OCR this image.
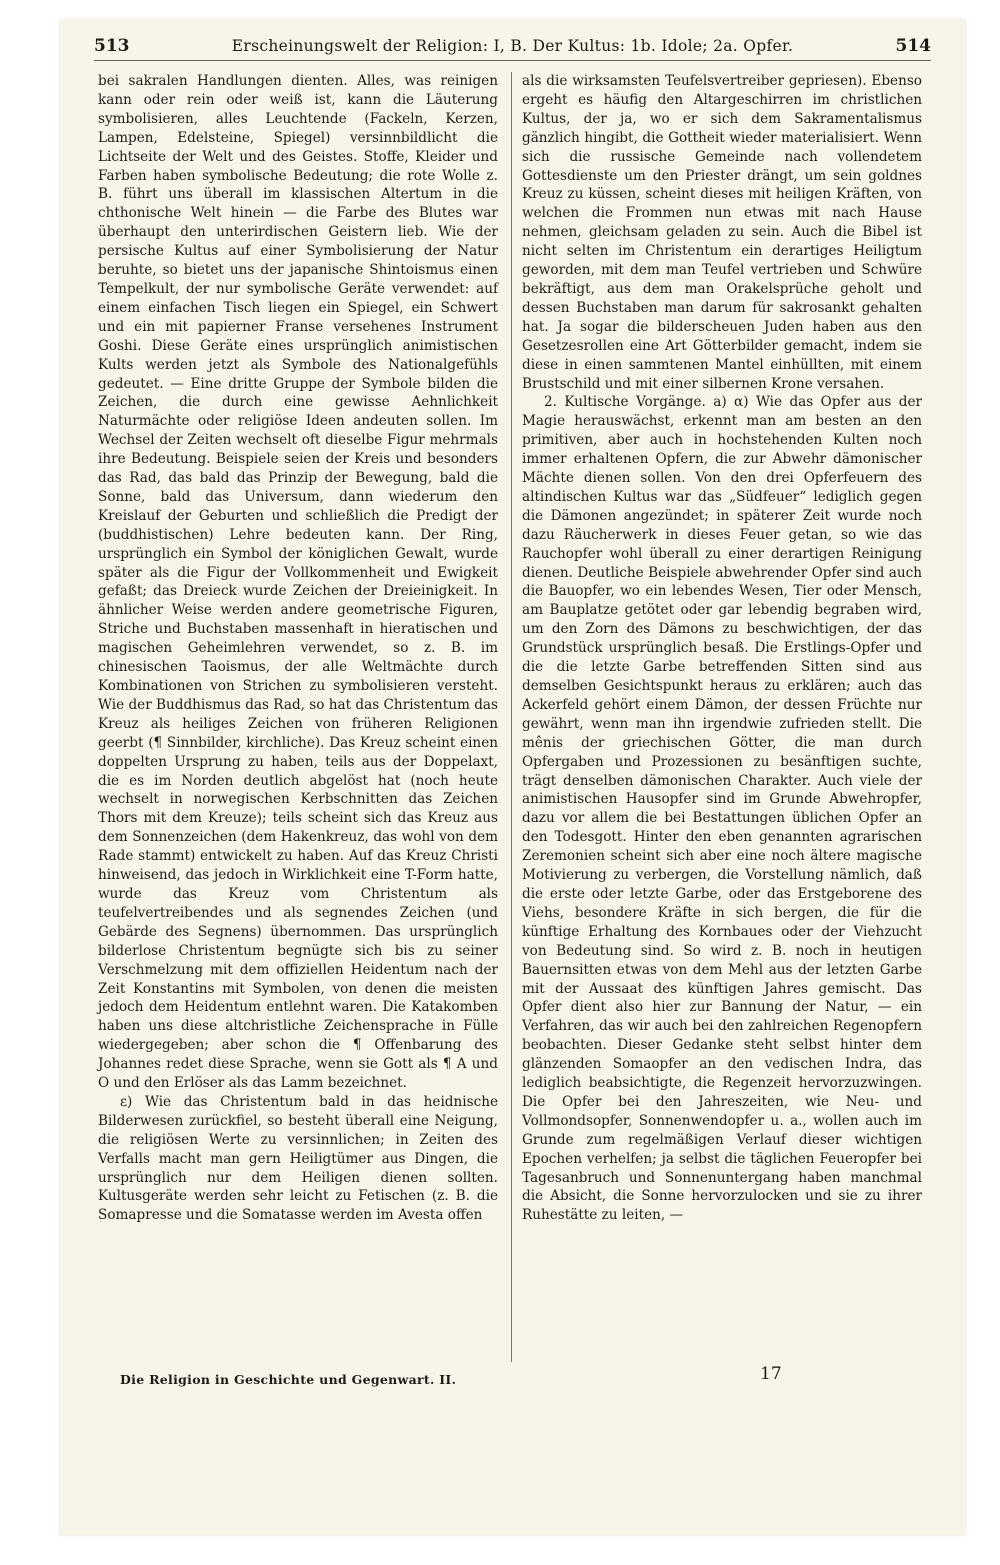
513	Erscheinungswelt der Religion: I, B. Der Kultus: 1b. Idole; 2a. Opfer.	514

bei sakralen Handlungen dienten. Alles, was reinigen kann oder rein oder weiß ist, kann die Läuterung symbolisieren, alles Leuchtende (Fackeln, Kerzen, Lampen, Edelsteine, Spiegel) versinnbildlicht die Lichtseite der Welt und des Geistes. Stoffe, Kleider und Farben haben symbolische Bedeutung; die rote Wolle z. B. führt uns überall im klassischen Altertum in die chthonische Welt hinein — die Farbe des Blutes war überhaupt den unterirdischen Geistern lieb. Wie der persische Kultus auf einer Symbolisierung der Natur beruhte, so bietet uns der japanische Shintoismus einen Tempelkult, der nur symbolische Geräte verwendet: auf einem einfachen Tisch liegen ein Spiegel, ein Schwert und ein mit papierner Franse versehenes Instrument Goshi. Diese Geräte eines ursprünglich animistischen Kults werden jetzt als Symbole des Nationalgefühls gedeutet. — Eine dritte Gruppe der Symbole bilden die Zeichen, die durch eine gewisse Aehnlichkeit Naturmächte oder religiöse Ideen andeuten sollen. Im Wechsel der Zeiten wechselt oft dieselbe Figur mehrmals ihre Bedeutung. Beispiele seien der Kreis und besonders das Rad, das bald das Prinzip der Bewegung, bald die Sonne, bald das Universum, dann wiederum den Kreislauf der Geburten und schließlich die Predigt der (buddhistischen) Lehre bedeuten kann. Der Ring, ursprünglich ein Symbol der königlichen Gewalt, wurde später als die Figur der Vollkommenheit und Ewigkeit gefaßt; das Dreieck wurde Zeichen der Dreieinigkeit. In ähnlicher Weise werden andere geometrische Figuren, Striche und Buchstaben massenhaft in hieratischen und magischen Geheimlehren verwendet, so z. B. im chinesischen Taoismus, der alle Weltmächte durch Kombinationen von Strichen zu symbolisieren versteht. Wie der Buddhismus das Rad, so hat das Christentum das Kreuz als heiliges Zeichen von früheren Religionen geerbt (¶ Sinnbilder, kirchliche). Das Kreuz scheint einen doppelten Ursprung zu haben, teils aus der Doppelaxt, die es im Norden deutlich abgelöst hat (noch heute wechselt in norwegischen Kerbschnitten das Zeichen Thors mit dem Kreuze); teils scheint sich das Kreuz aus dem Sonnenzeichen (dem Hakenkreuz, das wohl von dem Rade stammt) entwickelt zu haben. Auf das Kreuz Christi hinweisend, das jedoch in Wirklichkeit eine T-Form hatte, wurde das Kreuz vom Christentum als teufelvertreibendes und als segnendes Zeichen (und Gebärde des Segnens) übernommen. Das ursprünglich bilderlose Christentum begnügte sich bis zu seiner Verschmelzung mit dem offiziellen Heidentum nach der Zeit Konstantins mit Symbolen, von denen die meisten jedoch dem Heidentum entlehnt waren. Die Katakomben haben uns diese altchristliche Zeichensprache in Fülle wiedergegeben; aber schon die ¶ Offenbarung des Johannes redet diese Sprache, wenn sie Gott als ¶ A und O und den Erlöser als das Lamm bezeichnet.

ε) Wie das Christentum bald in das heidnische Bilderwesen zurückfiel, so besteht überall eine Neigung, die religiösen Werte zu versinnlichen; in Zeiten des Verfalls macht man gern Heiligtümer aus Dingen, die ursprünglich nur dem Heiligen dienen sollten. Kultusgeräte werden sehr leicht zu Fetischen (z. B. die Somapresse und die Somatasse werden im Avesta offen

als die wirksamsten Teufelsvertreiber gepriesen). Ebenso ergeht es häufig den Altargeschirren im christlichen Kultus, der ja, wo er sich dem Sakramentalismus gänzlich hingibt, die Gottheit wieder materialisiert. Wenn sich die russische Gemeinde nach vollendetem Gottesdienste um den Priester drängt, um sein goldnes Kreuz zu küssen, scheint dieses mit heiligen Kräften, von welchen die Frommen nun etwas mit nach Hause nehmen, gleichsam geladen zu sein. Auch die Bibel ist nicht selten im Christentum ein derartiges Heiligtum geworden, mit dem man Teufel vertrieben und Schwüre bekräftigt, aus dem man Orakelsprüche geholt und dessen Buchstaben man darum für sakrosankt gehalten hat. Ja sogar die bilderscheuen Juden haben aus den Gesetzesrollen eine Art Götterbilder gemacht, indem sie diese in einen sammtenen Mantel einhüllten, mit einem Brustschild und mit einer silbernen Krone versahen.

2. Kultische Vorgänge. a) α) Wie das Opfer aus der Magie herauswächst, erkennt man am besten an den primitiven, aber auch in hochstehenden Kulten noch immer erhaltenen Opfern, die zur Abwehr dämonischer Mächte dienen sollen. Von den drei Opferfeuern des altindischen Kultus war das „Südfeuer“ lediglich gegen die Dämonen angezündet; in späterer Zeit wurde noch dazu Räucherwerk in dieses Feuer getan, so wie das Rauchopfer wohl überall zu einer derartigen Reinigung dienen. Deutliche Beispiele abwehrender Opfer sind auch die Bauopfer, wo ein lebendes Wesen, Tier oder Mensch, am Bauplatze getötet oder gar lebendig begraben wird, um den Zorn des Dämons zu beschwichtigen, der das Grundstück ursprünglich besaß. Die Erstlings-Opfer und die die letzte Garbe betreffenden Sitten sind aus demselben Gesichtspunkt heraus zu erklären; auch das Ackerfeld gehört einem Dämon, der dessen Früchte nur gewährt, wenn man ihn irgendwie zufrieden stellt. Die mênis der griechischen Götter, die man durch Opfergaben und Prozessionen zu besänftigen suchte, trägt denselben dämonischen Charakter. Auch viele der animistischen Hausopfer sind im Grunde Abwehropfer, dazu vor allem die bei Bestattungen üblichen Opfer an den Todesgott. Hinter den eben genannten agrarischen Zeremonien scheint sich aber eine noch ältere magische Motivierung zu verbergen, die Vorstellung nämlich, daß die erste oder letzte Garbe, oder das Erstgeborene des Viehs, besondere Kräfte in sich bergen, die für die künftige Erhaltung des Kornbaues oder der Viehzucht von Bedeutung sind. So wird z. B. noch in heutigen Bauernsitten etwas von dem Mehl aus der letzten Garbe mit der Aussaat des künftigen Jahres gemischt. Das Opfer dient also hier zur Bannung der Natur, — ein Verfahren, das wir auch bei den zahlreichen Regenopfern beobachten. Dieser Gedanke steht selbst hinter dem glänzenden Somaopfer an den vedischen Indra, das lediglich beabsichtigte, die Regenzeit hervorzuzwingen. Die Opfer bei den Jahreszeiten, wie Neu- und Vollmondsopfer, Sonnenwendopfer u. a., wollen auch im Grunde zum regelmäßigen Verlauf dieser wichtigen Epochen verhelfen; ja selbst die täglichen Feueropfer bei Tagesanbruch und Sonnenuntergang haben manchmal die Absicht, die Sonne hervorzulocken und sie zu ihrer Ruhestätte zu leiten, —

Die Religion in Geschichte und Gegenwart. II.	17
